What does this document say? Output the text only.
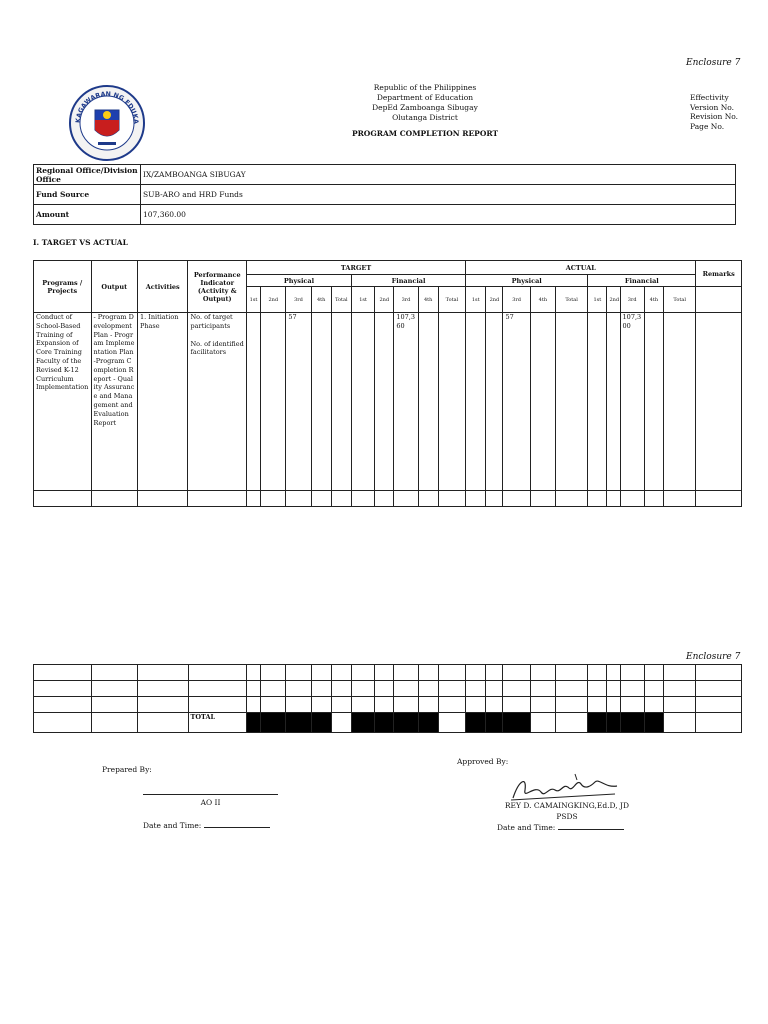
Enclosure 7
KAGAWARAN NG EDUKA
Republic of the Philippines
Department of Education
DepEd Zamboanga Sibugay
Olutanga District
PROGRAM COMPLETION REPORT
Effectivity
Version No.
Revision No.
Page No.
Regional Office/Division Office	IX/ZAMBOANGA SIBUGAY
Fund Source	SUB-ARO and HRD Funds
Amount	107,360.00
I. TARGET VS ACTUAL
Programs / Projects	Output	Activities	Performance Indicator (Activity & Output)	TARGET										ACTUAL										Remarks
				Physical					Financial					Physical					Financial					
				1st	2nd	3rd	4th	Total	1st	2nd	3rd	4th	Total	1st	2nd	3rd	4th	Total	1st	2nd	3rd	4th	Total	
Conduct of School-Based Training of Expansion of Core Training Faculty of the Revised K-12 Curriculum Implementation	- Program Development Plan - Program Implementation Plan -Program Completion Report - Quality Assurance and Management and Evaluation Report	1. Initiation Phase	No. of target participants
No. of identified facilitators			57					107,360					57					107,300			

Enclosure 7

			TOTAL																					
Prepared By:
AO II
Date and Time:
Approved By:
REY D. CAMAINGKING,Ed.D, JD
PSDS
Date and Time:
